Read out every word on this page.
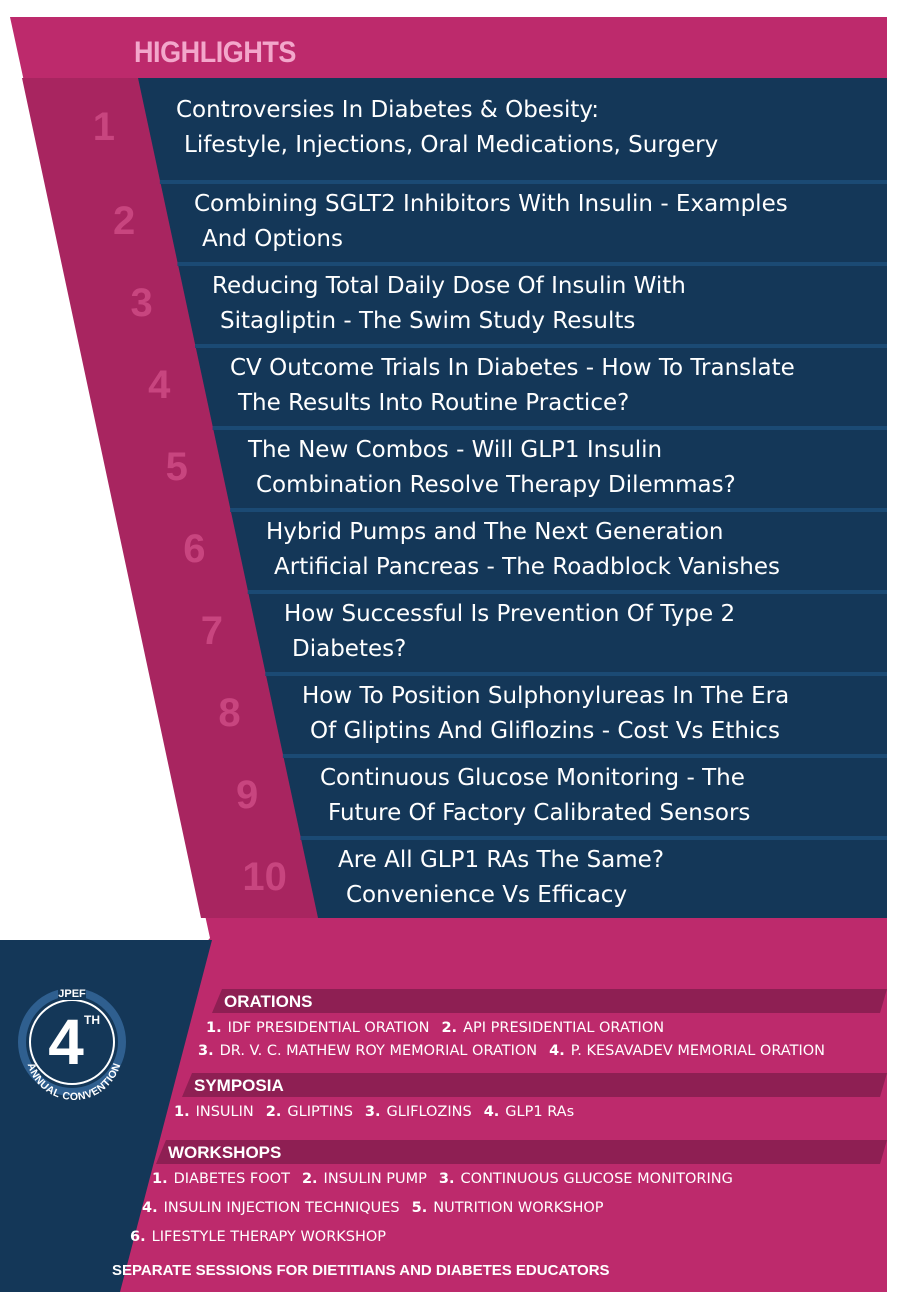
HIGHLIGHTS
1	Controversies In Diabetes & Obesity:
Lifestyle, Injections, Oral Medications, Surgery
2	Combining SGLT2 Inhibitors With Insulin - Examples
And Options
3	Reducing Total Daily Dose Of Insulin With
Sitagliptin - The Swim Study Results
4	CV Outcome Trials In Diabetes - How To Translate
The Results Into Routine Practice?
5	The New Combos - Will GLP1 Insulin
Combination Resolve Therapy Dilemmas?
6	Hybrid Pumps and The Next Generation
Artificial Pancreas - The Roadblock Vanishes
7	How Successful Is Prevention Of Type 2
Diabetes?
8	How To Position Sulphonylureas In The Era
Of Gliptins And Gliflozins - Cost Vs Ethics
9	Continuous Glucose Monitoring - The
Future Of Factory Calibrated Sensors
10	Are All GLP1 RAs The Same?
Convenience Vs Efficacy
JPEF
4 TH
ANNUAL CONVENTION
ORATIONS
1. IDF PRESIDENTIAL ORATION 2. API PRESIDENTIAL ORATION
3. DR. V. C. MATHEW ROY MEMORIAL ORATION 4. P. KESAVADEV MEMORIAL ORATION
SYMPOSIA
1. INSULIN 2. GLIPTINS 3. GLIFLOZINS 4. GLP1 RAs
WORKSHOPS
1. DIABETES FOOT 2. INSULIN PUMP 3. CONTINUOUS GLUCOSE MONITORING
4. INSULIN INJECTION TECHNIQUES 5. NUTRITION WORKSHOP
6. LIFESTYLE THERAPY WORKSHOP
SEPARATE SESSIONS FOR DIETITIANS AND DIABETES EDUCATORS
